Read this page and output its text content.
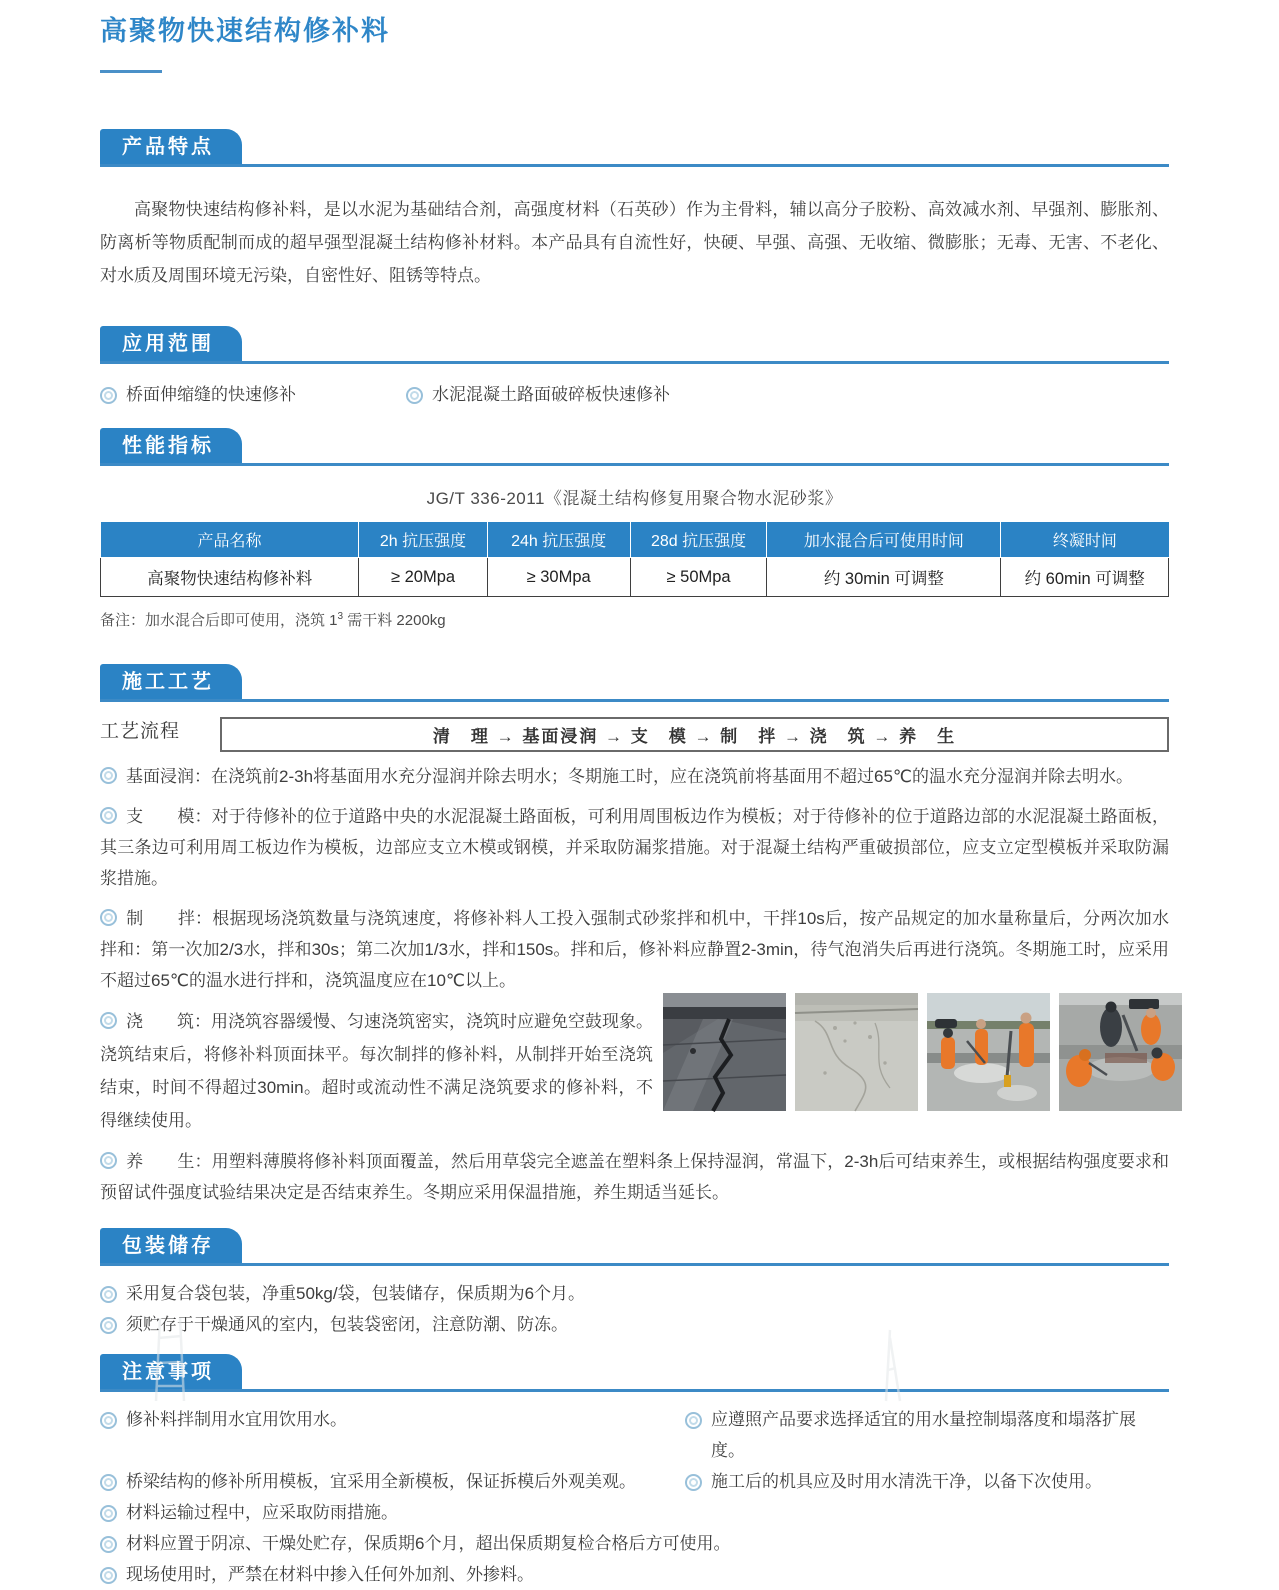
高聚物快速结构修补料
产品特点

高聚物快速结构修补料，是以水泥为基础结合剂，高强度材料（石英砂）作为主骨料，辅以高分子胶粉、高效减水剂、早强剂、膨胀剂、防离析等物质配制而成的超早强型混凝土结构修补材料。本产品具有自流性好，快硬、早强、高强、无收缩、微膨胀；无毒、无害、不老化、对水质及周围环境无污染，自密性好、阻锈等特点。

应用范围
桥面伸缩缝的快速修补	水泥混凝土路面破碎板快速修补
性能指标
JG/T 336-2011《混凝土结构修复用聚合物水泥砂浆》
产品名称	2h 抗压强度	24h 抗压强度	28d 抗压强度	加水混合后可使用时间	终凝时间
高聚物快速结构修补料	≥ 20Mpa	≥ 30Mpa	≥ 50Mpa	约 30min 可调整	约 60min 可调整
备注：加水混合后即可使用，浇筑 $1^3$ 需干料 2200kg
施工工艺
工艺流程	清　理 → 基面浸润 → 支　模 → 制　拌 → 浇　筑 → 养　生

基面浸润：在浇筑前2-3h将基面用水充分湿润并除去明水；冬期施工时，应在浇筑前将基面用不超过65℃的温水充分湿润并除去明水。

支　　模：对于待修补的位于道路中央的水泥混凝土路面板，可利用周围板边作为模板；对于待修补的位于道路边部的水泥混凝土路面板，其三条边可利用周工板边作为模板，边部应支立木模或钢模，并采取防漏浆措施。对于混凝土结构严重破损部位，应支立定型模板并采取防漏浆措施。

制　　拌：根据现场浇筑数量与浇筑速度，将修补料人工投入强制式砂浆拌和机中，干拌10s后，按产品规定的加水量称量后，分两次加水拌和：第一次加2/3水，拌和30s；第二次加1/3水，拌和150s。拌和后，修补料应静置2-3min，待气泡消失后再进行浇筑。冬期施工时，应采用不超过65℃的温水进行拌和，浇筑温度应在10℃以上。

浇　　筑：用浇筑容器缓慢、匀速浇筑密实，浇筑时应避免空鼓现象。浇筑结束后，将修补料顶面抹平。每次制拌的修补料，从制拌开始至浇筑结束，时间不得超过30min。超时或流动性不满足浇筑要求的修补料，不得继续使用。

养　　生：用塑料薄膜将修补料顶面覆盖，然后用草袋完全遮盖在塑料条上保持湿润，常温下，2-3h后可结束养生，或根据结构强度要求和预留试件强度试验结果决定是否结束养生。冬期应采用保温措施，养生期适当延长。

包装储存
采用复合袋包装，净重50kg/袋，包装储存，保质期为6个月。
须贮存于干燥通风的室内，包装袋密闭，注意防潮、防冻。
注意事项
修补料拌制用水宜用饮用水。	应遵照产品要求选择适宜的用水量控制塌落度和塌落扩展度。
桥梁结构的修补所用模板，宜采用全新模板，保证拆模后外观美观。	施工后的机具应及时用水清洗干净，以备下次使用。
材料运输过程中，应采取防雨措施。
材料应置于阴凉、干燥处贮存，保质期6个月，超出保质期复检合格后方可使用。
现场使用时，严禁在材料中掺入任何外加剂、外掺料。
